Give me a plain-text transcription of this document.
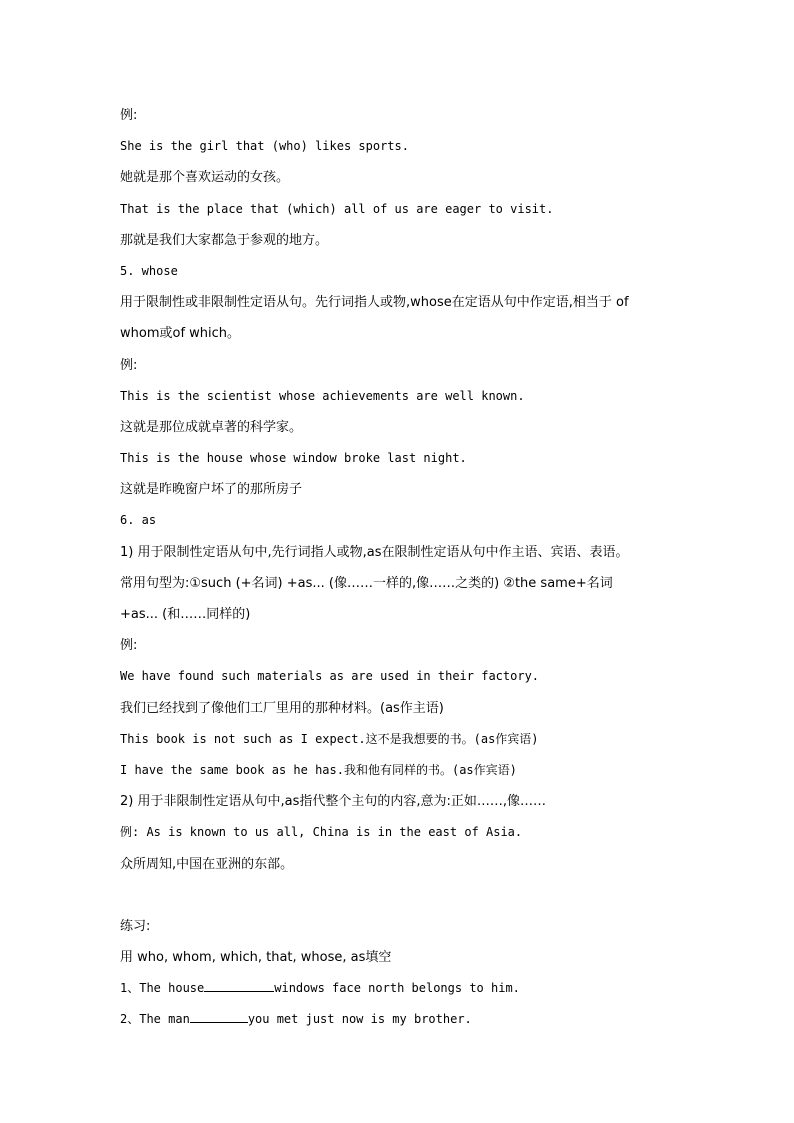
例:
She is the girl that (who) likes sports.
她就是那个喜欢运动的女孩。
That is the place that (which) all of us are eager to visit.
那就是我们大家都急于参观的地方。
5. whose
用于限制性或非限制性定语从句。先行词指人或物,whose在定语从句中作定语,相当于 of
whom或of which。
例:
This is the scientist whose achievements are well known.
这就是那位成就卓著的科学家。
This is the house whose window broke last night.
这就是昨晚窗户坏了的那所房子
6. as
1) 用于限制性定语从句中,先行词指人或物,as在限制性定语从句中作主语、宾语、表语。
常用句型为:①such (+名词) +as... (像……一样的,像……之类的) ②the same+名词
+as... (和……同样的)
例:
We have found such materials as are used in their factory.
我们已经找到了像他们工厂里用的那种材料。(as作主语)
This book is not such as I expect.这不是我想要的书。(as作宾语)
I have the same book as he has.我和他有同样的书。(as作宾语)
2) 用于非限制性定语从句中,as指代整个主句的内容,意为:正如……,像……
例: As is known to us all, China is in the east of Asia.
众所周知,中国在亚洲的东部。
练习:
用 who, whom, which, that, whose, as填空
1、The house	windows face north belongs to him.
2、The man	you met just now is my brother.
